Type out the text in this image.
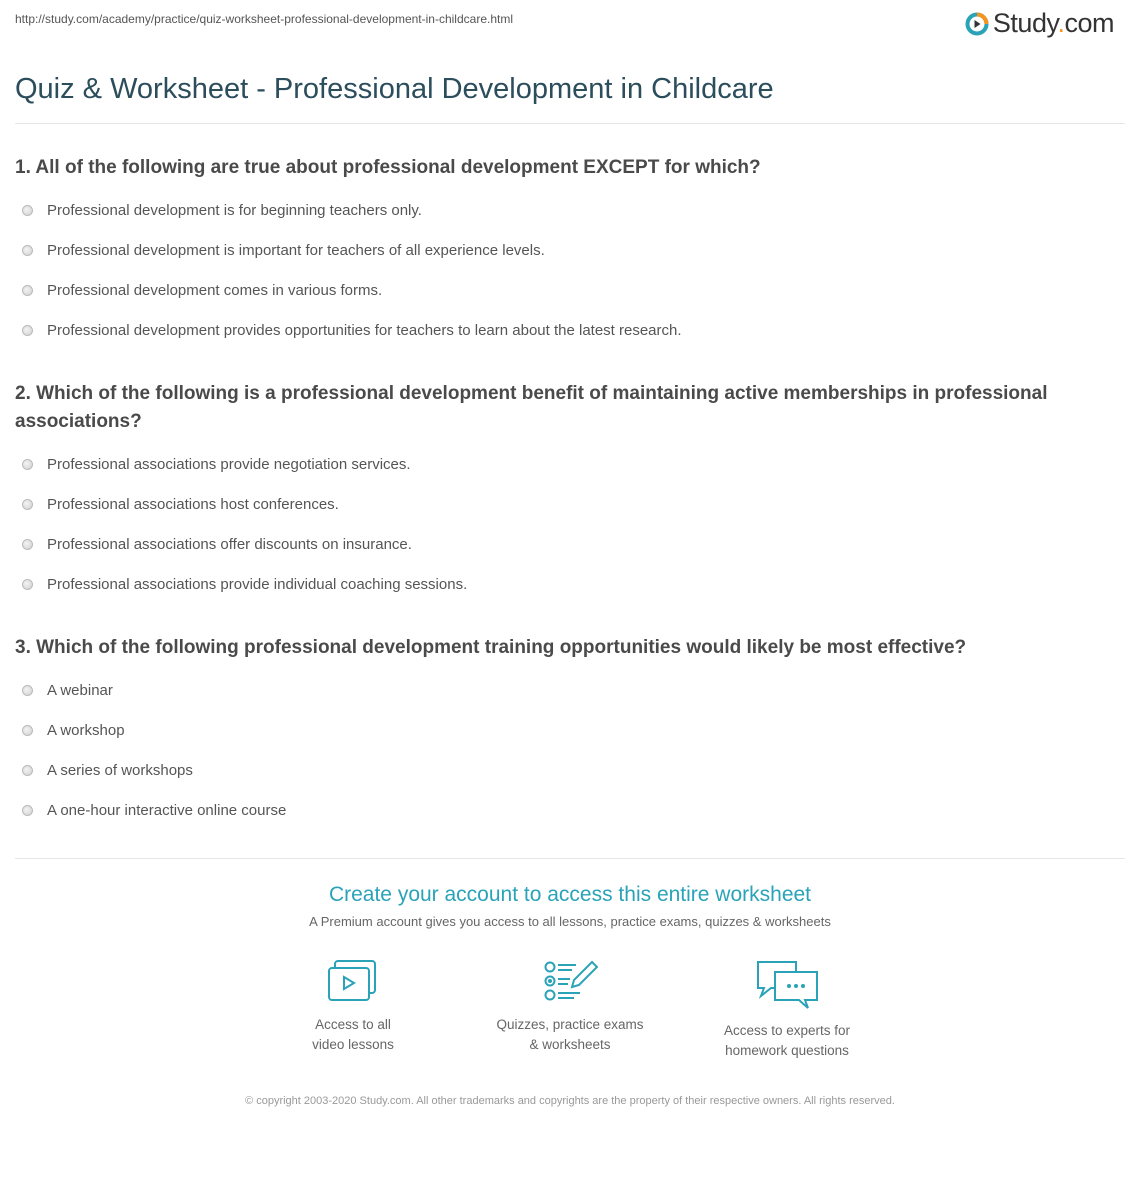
http://study.com/academy/practice/quiz-worksheet-professional-development-in-childcare.html	Study.com
Quiz & Worksheet - Professional Development in Childcare
1. All of the following are true about professional development EXCEPT for which?
Professional development is for beginning teachers only.
Professional development is important for teachers of all experience levels.
Professional development comes in various forms.
Professional development provides opportunities for teachers to learn about the latest research.
2. Which of the following is a professional development benefit of maintaining active memberships in professional associations?
Professional associations provide negotiation services.
Professional associations host conferences.
Professional associations offer discounts on insurance.
Professional associations provide individual coaching sessions.
3. Which of the following professional development training opportunities would likely be most effective?
A webinar
A workshop
A series of workshops
A one-hour interactive online course
Create your account to access this entire worksheet
A Premium account gives you access to all lessons, practice exams, quizzes & worksheets
Access to all
video lessons
Quizzes, practice exams
& worksheets
Access to experts for
homework questions
© copyright 2003-2020 Study.com. All other trademarks and copyrights are the property of their respective owners. All rights reserved.
